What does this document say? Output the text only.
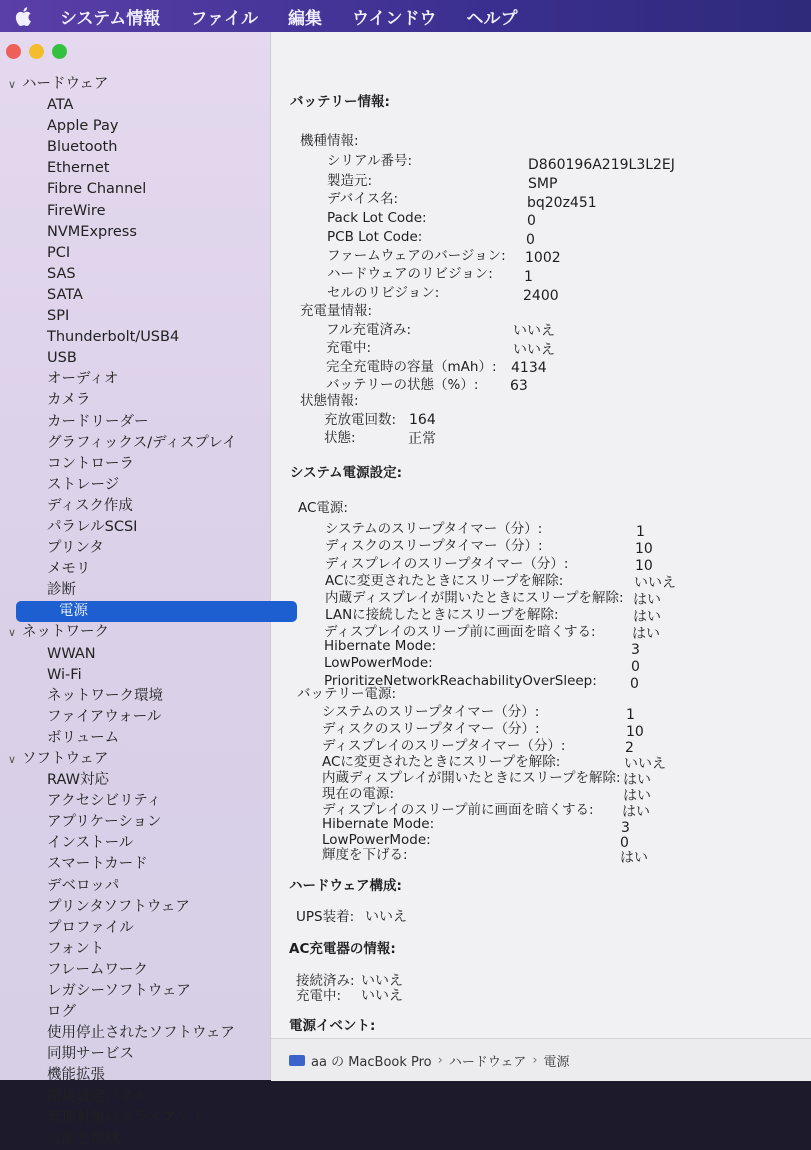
システム情報 ファイル 編集 ウインドウ ヘルプ
∨ ハードウェア
ATA
Apple Pay
Bluetooth
Ethernet
Fibre Channel
FireWire
NVMExpress
PCI
SAS
SATA
SPI
Thunderbolt/USB4
USB
オーディオ
カメラ
カードリーダー
グラフィックス/ディスプレイ
コントローラ
ストレージ
ディスク作成
パラレルSCSI
プリンタ
メモリ
診断
電源
∨ ネットワーク
WWAN
Wi-Fi
ネットワーク環境
ファイアウォール
ボリューム
∨ ソフトウェア
RAW対応
アクセシビリティ
アプリケーション
インストール
スマートカード
デベロッパ
プリンタソフトウェア
プロファイル
フォント
フレームワーク
レガシーソフトウェア
ログ
使用停止されたソフトウェア
同期サービス
機能拡張
環境設定パネル
管理対象のクライアント
言語と地域
バッテリー情報:
機種情報:
シリアル番号:	D860196A219L3L2EJ
製造元:	SMP
デバイス名:	bq20z451
Pack Lot Code:	0
PCB Lot Code:	0
ファームウェアのバージョン: 1002
ハードウェアのリビジョン: 1
セルのリビジョン:	2400
充電量情報:
フル充電済み:	いいえ
充電中:	いいえ
完全充電時の容量（mAh）: 4134
バッテリーの状態（%）: 63
状態情報:
充放電回数: 164
状態:	正常
システム電源設定:
AC電源:
システムのスリープタイマー（分）:	1
ディスクのスリープタイマー（分）:	10
ディスプレイのスリープタイマー（分）:	10
ACに変更されたときにスリープを解除:	いいえ
内蔵ディスプレイが開いたときにスリープを解除: はい
LANに接続したときにスリープを解除:	はい
ディスプレイのスリープ前に画面を暗くする:	はい
Hibernate Mode:	3
LowPowerMode:	0
PrioritizeNetworkReachabilityOverSleep: 0
バッテリー電源:
システムのスリープタイマー（分）:	1
ディスクのスリープタイマー（分）:	10
ディスプレイのスリープタイマー（分）:	2
ACに変更されたときにスリープを解除:	いいえ
内蔵ディスプレイが開いたときにスリープを解除: はい
現在の電源:	はい
ディスプレイのスリープ前に画面を暗くする: はい
Hibernate Mode:	3
LowPowerMode:	0
輝度を下げる:	はい
ハードウェア構成:
UPS装着: いいえ
AC充電器の情報:
接続済み: いいえ
充電中: いいえ
電源イベント:
aa の MacBook Pro › ハードウェア › 電源
